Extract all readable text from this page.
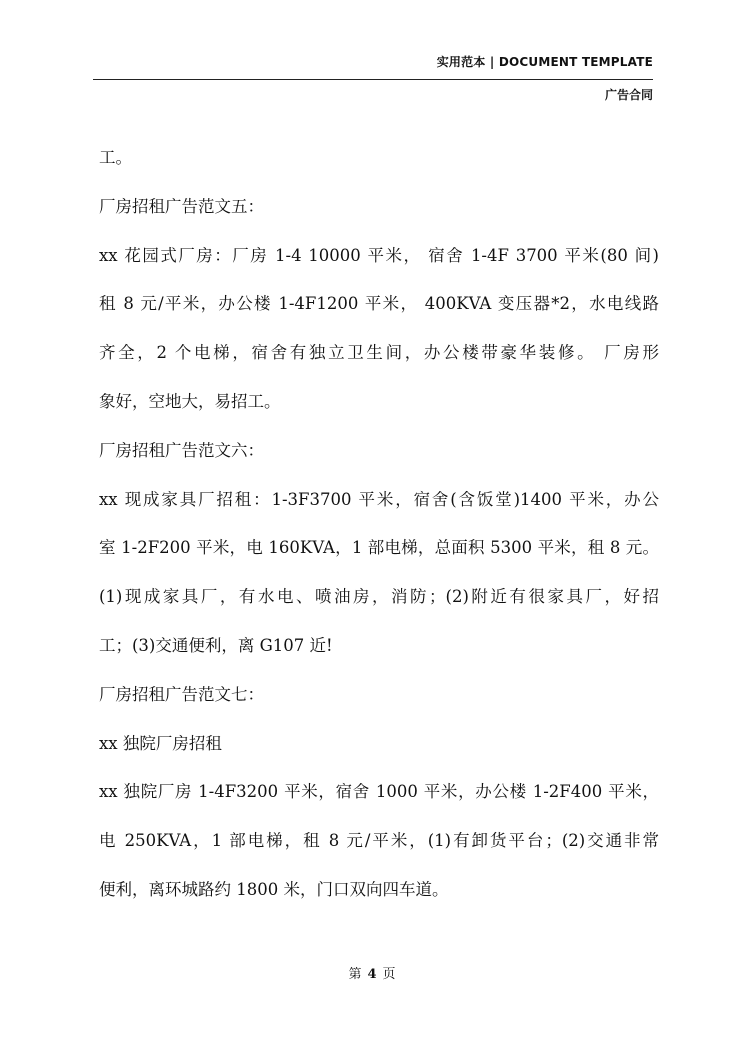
实用范本 | DOCUMENT TEMPLATE
广告合同
工。
厂房招租广告范文五：
xx 花园式厂房：厂房 1-4 10000 平米， 宿舍 1-4F 3700 平米(80 间)
租 8 元/平米，办公楼 1-4F1200 平米， 400KVA 变压器*2，水电线路
齐全，2 个电梯，宿舍有独立卫生间，办公楼带豪华装修。 厂房形
象好，空地大，易招工。
厂房招租广告范文六：
xx 现成家具厂招租：1-3F3700 平米，宿舍(含饭堂)1400 平米，办公
室 1-2F200 平米，电 160KVA，1 部电梯，总面积 5300 平米，租 8 元。
(1)现成家具厂，有水电、喷油房，消防；(2)附近有很家具厂，好招
工；(3)交通便利，离 G107 近!
厂房招租广告范文七：
xx 独院厂房招租
xx 独院厂房 1-4F3200 平米，宿舍 1000 平米，办公楼 1-2F400 平米，
电 250KVA，1 部电梯，租 8 元/平米，(1)有卸货平台；(2)交通非常
便利，离环城路约 1800 米，门口双向四车道。
第 4 页
